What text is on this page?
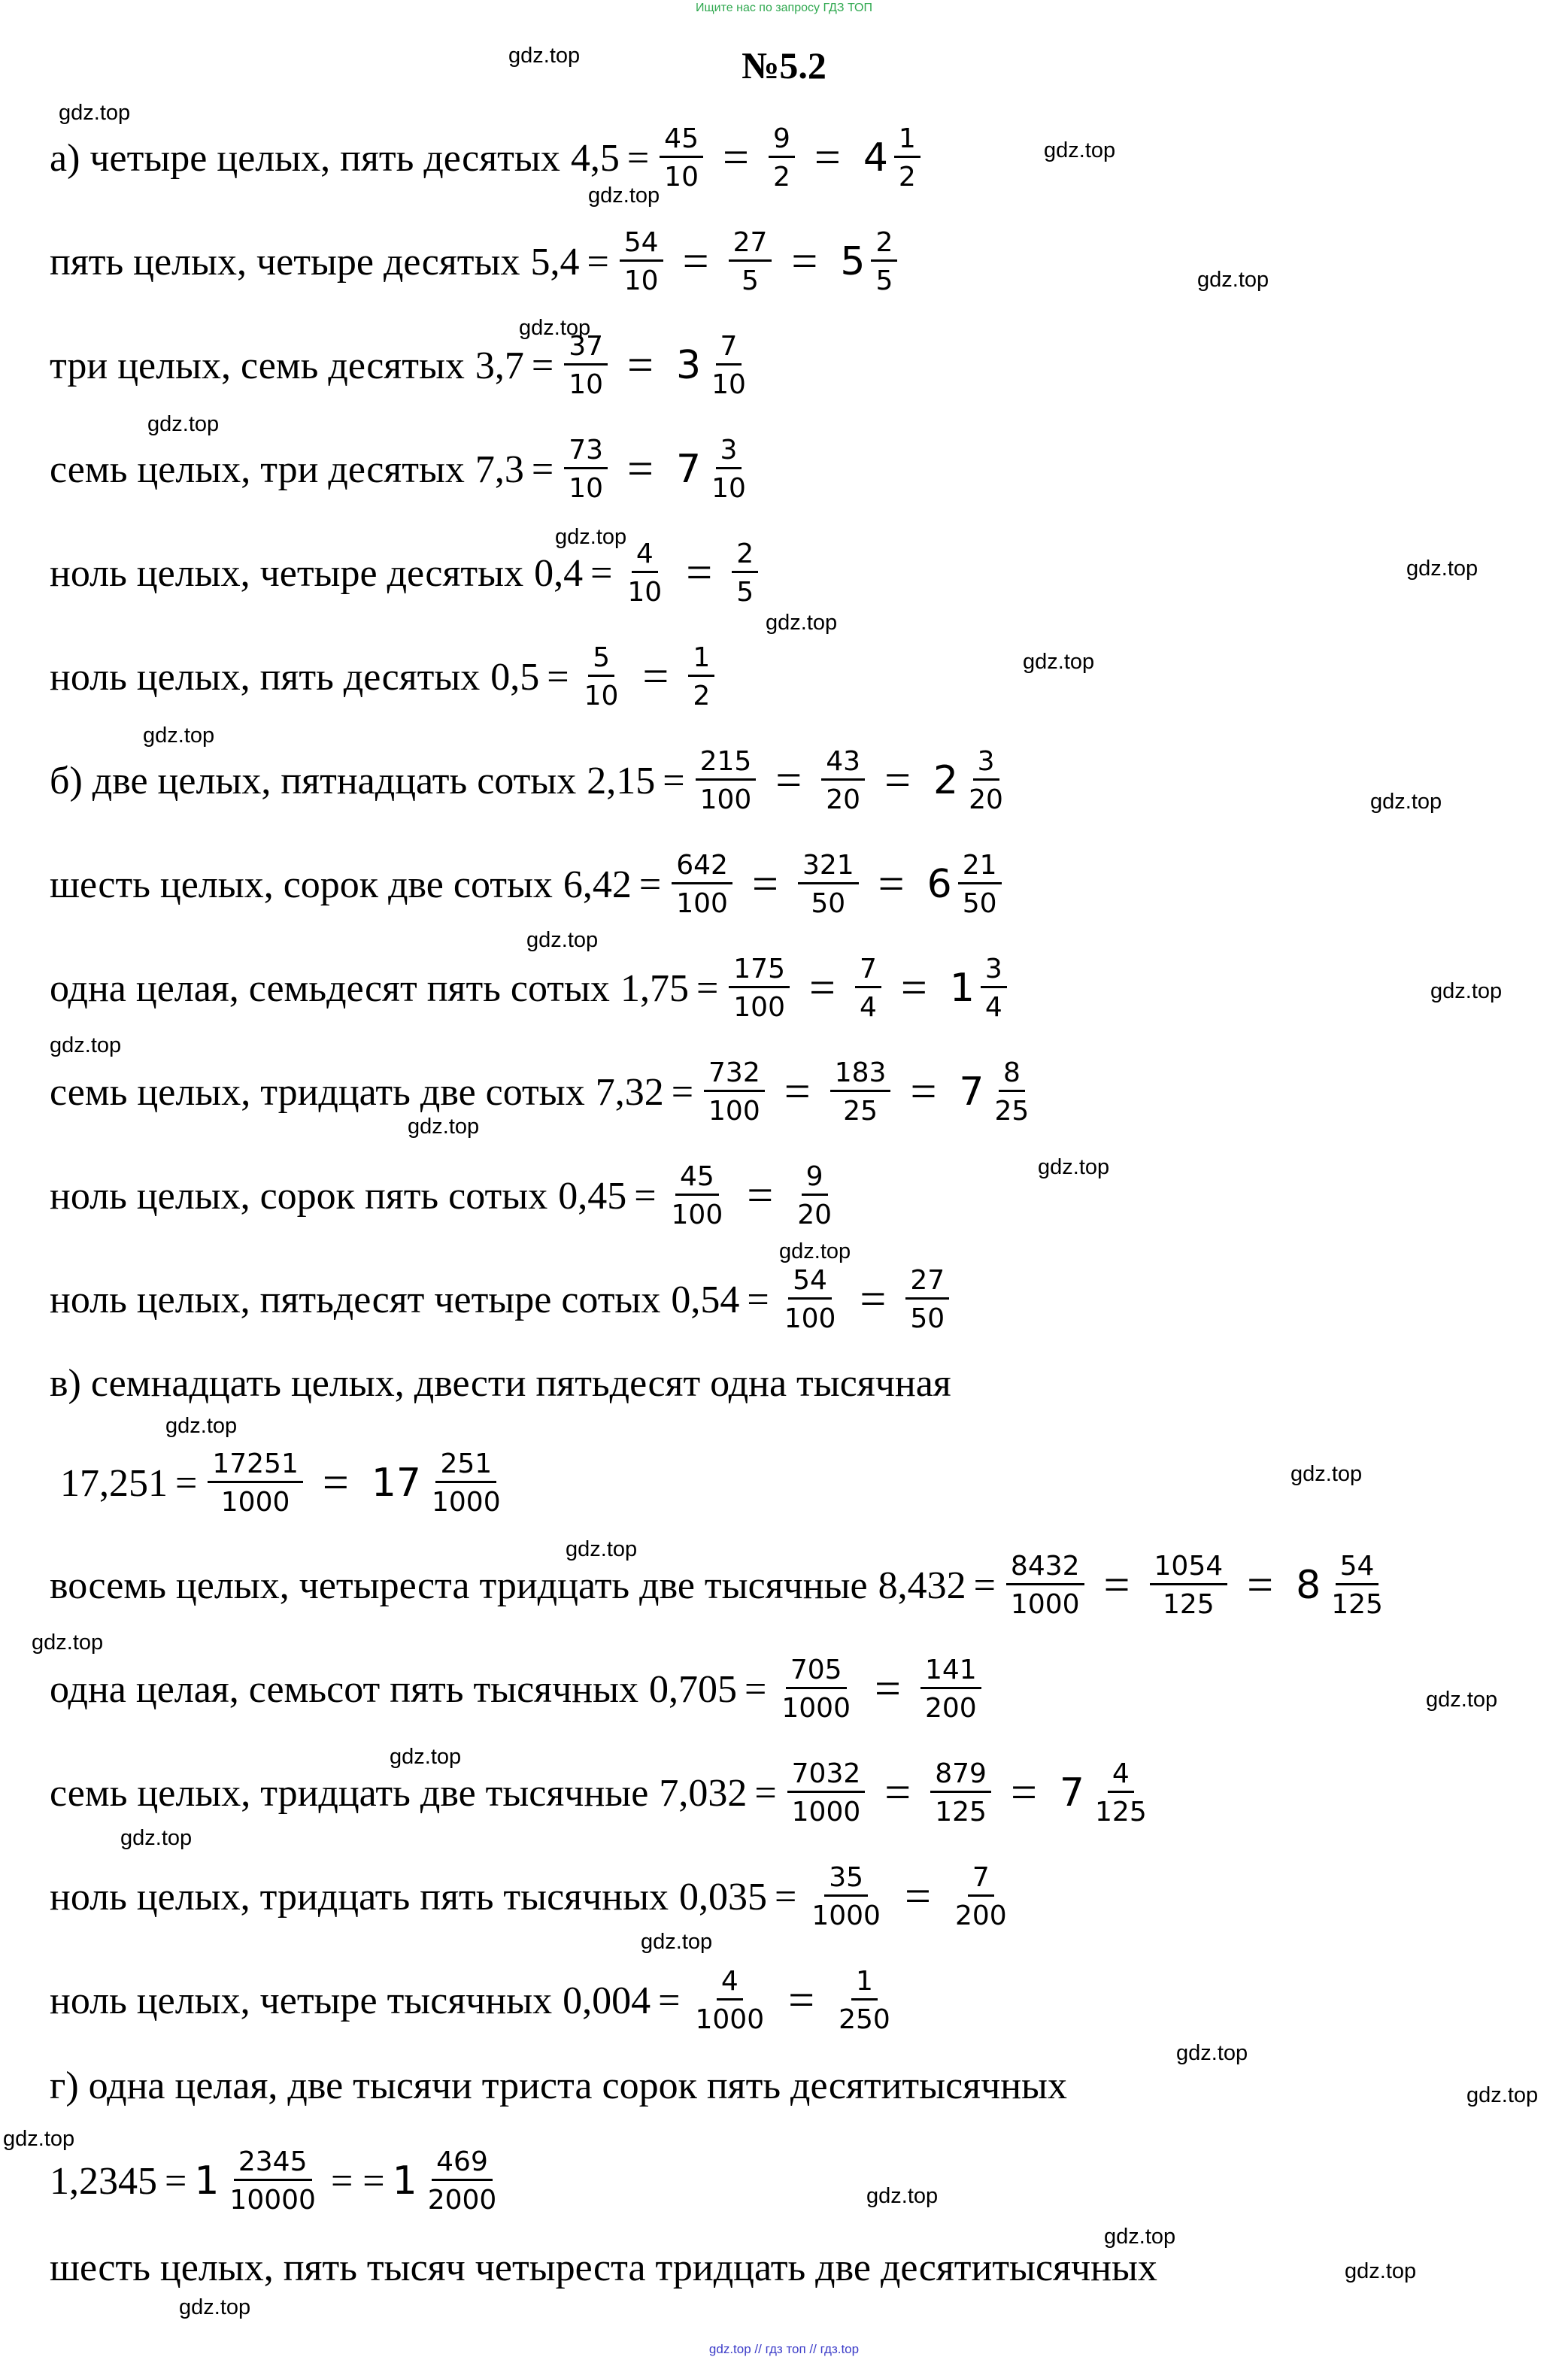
Ищите нас по запросу ГДЗ ТОП
№5.2
а) четыре целых, пять десятых $4,5 = \frac{45}{10} = \frac{9}{2} = 4 \frac{1}{2}$
пять целых, четыре десятых $5,4 = \frac{54}{10} = \frac{27}{5} = 5 \frac{2}{5}$
три целых, семь десятых $3,7 = \frac{37}{10} = 3 \frac{7}{10}$
семь целых, три десятых $7,3 = \frac{73}{10} = 7 \frac{3}{10}$
ноль целых, четыре десятых $0,4 = \frac{4}{10} = \frac{2}{5}$
ноль целых, пять десятых $0,5 = \frac{5}{10} = \frac{1}{2}$
б) две целых, пятнадцать сотых $2,15 = \frac{215}{100} = \frac{43}{20} = 2 \frac{3}{20}$
шесть целых, сорок две сотых $6,42 = \frac{642}{100} = \frac{321}{50} = 6 \frac{21}{50}$
одна целая, семьдесят пять сотых $1,75 = \frac{175}{100} = \frac{7}{4} = 1 \frac{3}{4}$
семь целых, тридцать две сотых $7,32 = \frac{732}{100} = \frac{183}{25} = 7 \frac{8}{25}$
ноль целых, сорок пять сотых $0,45 = \frac{45}{100} = \frac{9}{20}$
ноль целых, пятьдесят четыре сотых $0,54 = \frac{54}{100} = \frac{27}{50}$
$17,251 = \frac{17251}{1000} = 17 \frac{251}{1000}$
восемь целых, четыреста тридцать две тысячные $8,432 = \frac{8432}{1000} = \frac{1054}{125} = 8 \frac{54}{125}$
одна целая, семьсот пять тысячных $0,705 = \frac{705}{1000} = \frac{141}{200}$
семь целых, тридцать две тысячные $7,032 = \frac{7032}{1000} = \frac{879}{125} = 7 \frac{4}{125}$
ноль целых, тридцать пять тысячных $0,035 = \frac{35}{1000} = \frac{7}{200}$
ноль целых, четыре тысячных $0,004 = \frac{4}{1000} = \frac{1}{250}$
в) семнадцать целых, двести пятьдесят одна тысячная
г) одна целая, две тысячи триста сорок пять десятитысячных
$1,2345 = 1 \frac{2345}{10000}$ = = $1 \frac{469}{2000}$
шесть целых, пять тысяч четыреста тридцать две десятитысячных
gdz.top
gdz.top
gdz.top
gdz.top
gdz.top
gdz.top
gdz.top
gdz.top
gdz.top
gdz.top
gdz.top
gdz.top
gdz.top
gdz.top
gdz.top
gdz.top
gdz.top
gdz.top
gdz.top
gdz.top
gdz.top
gdz.top
gdz.top
gdz.top
gdz.top
gdz.top
gdz.top
gdz.top
gdz.top
gdz.top
gdz.top
gdz.top
gdz.top
gdz.top
gdz.top // гдз топ // гдз.top
